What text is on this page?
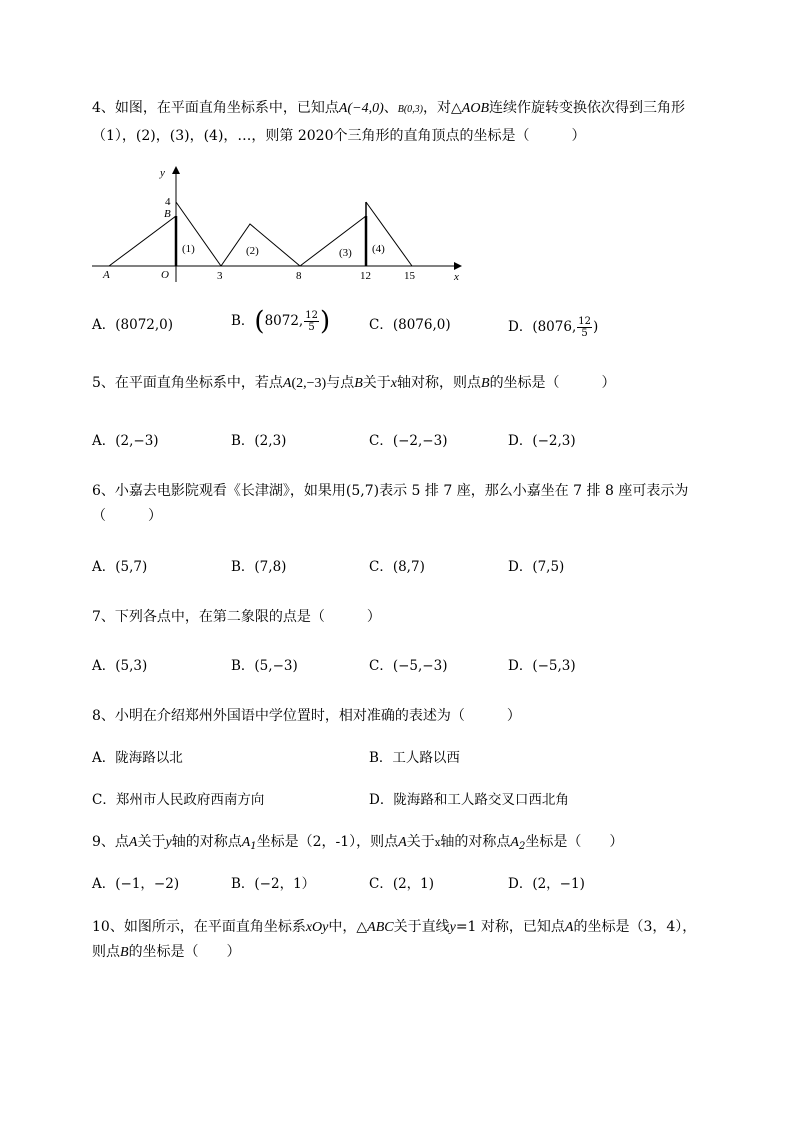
4、如图，在平面直角坐标系中，已知点A(−4,0)、B(0,3)，对△AOB连续作旋转变换依次得到三角形
（1），(2)，(3)，(4)，…，则第 2020个三角形的直角顶点的坐标是（　　　）
y
x
4
B
A	O	3	8	12	15
(1)	(2)	(3) (4)
A．(8072,0)	B．(8072, $\frac{12}{5}$ )	C．(8076,0)	D．(8076, $\frac{12}{5}$ )
5、在平面直角坐标系中，若点A(2,−3)与点B关于x轴对称，则点B的坐标是（　　　）
A．(2,−3)	B．(2,3)	C．(−2,−3)	D．(−2,3)
6、小嘉去电影院观看《长津湖》，如果用(5,7)表示 5 排 7 座，那么小嘉坐在 7 排 8 座可表示为
（　　　）
A．(5,7)	B．(7,8)	C．(8,7)	D．(7,5)
7、下列各点中，在第二象限的点是（　　　）
A．(5,3)	B．(5,−3)	C．(−5,−3)	D．(−5,3)
8、小明在介绍郑州外国语中学位置时，相对准确的表述为（　　　）
A．陇海路以北	B．工人路以西
C．郑州市人民政府西南方向	D．陇海路和工人路交叉口西北角
9、点A关于y轴的对称点$A_1$坐标是（2，-1），则点A关于x轴的对称点$A_2$坐标是（　　）
A．(−1，−2)	B．(−2，1）	C．(2，1)	D．(2，−1)
10、如图所示，在平面直角坐标系xOy中，△ABC关于直线y=1 对称，已知点A的坐标是（3，4），
则点B的坐标是（　　）
